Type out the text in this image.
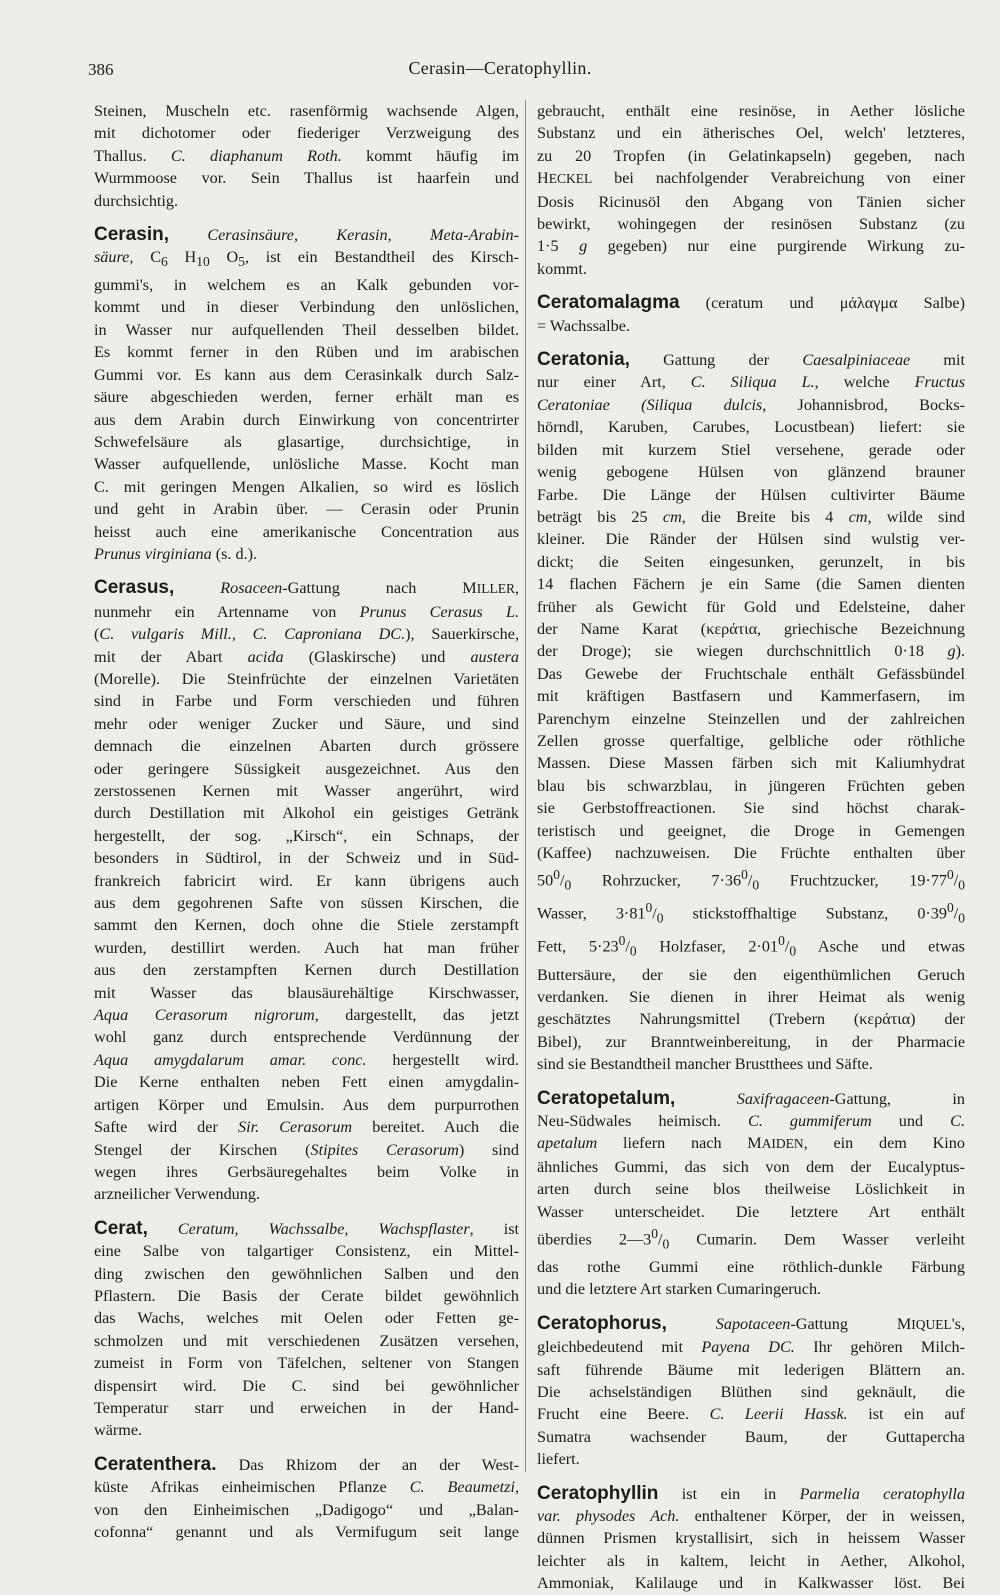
386	Cerasin—Ceratophyllin.
Steinen, Muscheln etc. rasenförmig wachsende Algen,
mit dichotomer oder fiederiger Verzweigung des
Thallus. C. diaphanum Roth. kommt häufig im
Wurmmoose vor. Sein Thallus ist haarfein und
durchsichtig.
Cerasin, Cerasinsäure, Kerasin, Meta-Arabin-
säure, $C_6$ $H_{10}$ $O_5$, ist ein Bestandtheil des Kirsch-
gummi's, in welchem es an Kalk gebunden vor-
kommt und in dieser Verbindung den unlöslichen,
in Wasser nur aufquellenden Theil desselben bildet.
Es kommt ferner in den Rüben und im arabischen
Gummi vor. Es kann aus dem Cerasinkalk durch Salz-
säure abgeschieden werden, ferner erhält man es
aus dem Arabin durch Einwirkung von concentrirter
Schwefelsäure als glasartige, durchsichtige, in
Wasser aufquellende, unlösliche Masse. Kocht man
C. mit geringen Mengen Alkalien, so wird es löslich
und geht in Arabin über. — Cerasin oder Prunin
heisst auch eine amerikanische Concentration aus
Prunus virginiana (s. d.).
Cerasus,	Rosaceen-Gattung nach MILLER,
nunmehr ein Artenname von Prunus Cerasus L.
(C. vulgaris Mill., C. Caproniana DC.), Sauerkirsche,
mit der Abart acida (Glaskirsche) und austera
(Morelle). Die Steinfrüchte der einzelnen Varietäten
sind in Farbe und Form verschieden und führen
mehr oder weniger Zucker und Säure, und sind
demnach die einzelnen Abarten durch grössere
oder geringere Süssigkeit ausgezeichnet. Aus den
zerstossenen Kernen mit Wasser angerührt, wird
durch Destillation mit Alkohol ein geistiges Getränk
hergestellt, der sog. „Kirsch“, ein Schnaps, der
besonders in Südtirol, in der Schweiz und in Süd-
frankreich fabricirt wird. Er kann übrigens auch
aus dem gegohrenen Safte von süssen Kirschen, die
sammt den Kernen, doch ohne die Stiele zerstampft
wurden, destillirt werden. Auch hat man früher
aus den zerstampften Kernen durch Destillation
mit Wasser das blausäurehältige Kirschwasser,
Aqua Cerasorum nigrorum, dargestellt, das jetzt
wohl ganz durch entsprechende Verdünnung der
Aqua amygdalarum amar. conc. hergestellt wird.
Die Kerne enthalten neben Fett einen amygdalin-
artigen Körper und Emulsin. Aus dem purpurrothen
Safte wird der Sir. Cerasorum bereitet. Auch die
Stengel der Kirschen (Stipites Cerasorum) sind
wegen ihres Gerbsäuregehaltes beim Volke in
arzneilicher Verwendung.
Cerat, Ceratum, Wachssalbe, Wachspflaster, ist
eine Salbe von talgartiger Consistenz, ein Mittel-
ding zwischen den gewöhnlichen Salben und den
Pflastern. Die Basis der Cerate bildet gewöhnlich
das Wachs, welches mit Oelen oder Fetten ge-
schmolzen und mit verschiedenen Zusätzen versehen,
zumeist in Form von Täfelchen, seltener von Stangen
dispensirt wird. Die C. sind bei gewöhnlicher
Temperatur starr und erweichen in der Hand-
wärme.
Ceratenthera. Das Rhizom der an der West-
küste Afrikas einheimischen Pflanze C. Beaumetzi,
von den Einheimischen „Dadigogo“ und „Balan-
cofonna“ genannt und als Vermifugum seit lange
gebraucht, enthält eine resinöse, in Aether lösliche
Substanz und ein ätherisches Oel, welch' letzteres,
zu 20 Tropfen (in Gelatinkapseln) gegeben, nach
HECKEL bei nachfolgender Verabreichung von einer
Dosis Ricinusöl den Abgang von Tänien sicher
bewirkt, wohingegen der resinösen Substanz (zu
1·5 g gegeben) nur eine purgirende Wirkung zu-
kommt.
Ceratomalagma (ceratum und μάλαγμα Salbe)
= Wachssalbe.
Ceratonia, Gattung der Caesalpiniaceae mit
nur einer Art, C. Siliqua L., welche Fructus
Ceratoniae (Siliqua dulcis, Johannisbrod, Bocks-
hörndl, Karuben, Carubes, Locustbean) liefert: sie
bilden mit kurzem Stiel versehene, gerade oder
wenig gebogene Hülsen von glänzend brauner
Farbe. Die Länge der Hülsen cultivirter Bäume
beträgt bis 25 cm, die Breite bis 4 cm, wilde sind
kleiner. Die Ränder der Hülsen sind wulstig ver-
dickt; die Seiten eingesunken, gerunzelt, in bis
14 flachen Fächern je ein Same (die Samen dienten
früher als Gewicht für Gold und Edelsteine, daher
der Name Karat (κεράτια, griechische Bezeichnung
der Droge); sie wiegen durchschnittlich 0·18 g).
Das Gewebe der Fruchtschale enthält Gefässbündel
mit kräftigen Bastfasern und Kammerfasern, im
Parenchym einzelne Steinzellen und der zahlreichen
Zellen grosse querfaltige, gelbliche oder röthliche
Massen. Diese Massen färben sich mit Kaliumhydrat
blau bis schwarzblau, in jüngeren Früchten geben
sie Gerbstoffreactionen. Sie sind höchst charak-
teristisch und geeignet, die Droge in Gemengen
(Kaffee) nachzuweisen. Die Früchte enthalten über
$50^0/_0$ Rohrzucker, $7\cdot 36^0/_0$ Fruchtzucker, $19\cdot 77^0/_0$
Wasser, $3\cdot 81^0/_0$ stickstoffhaltige Substanz, $0\cdot 39^0/_0$
Fett, $5\cdot 23^0/_0$ Holzfaser, $2\cdot 01^0/_0$ Asche und etwas
Buttersäure, der sie den eigenthümlichen Geruch
verdanken. Sie dienen in ihrer Heimat als wenig
geschätztes Nahrungsmittel (Trebern (κεράτια) der
Bibel), zur Branntweinbereitung, in der Pharmacie
sind sie Bestandtheil mancher Brustthees und Säfte.
Ceratopetalum,	Saxifragaceen-Gattung, in
Neu-Südwales heimisch. C. gummiferum und C.
apetalum liefern nach MAIDEN, ein dem Kino
ähnliches Gummi, das sich von dem der Eucalyptus-
arten durch seine blos theilweise Löslichkeit in
Wasser unterscheidet. Die letztere Art enthält
überdies $2—3^0/_0$ Cumarin. Dem Wasser verleiht
das rothe Gummi eine röthlich-dunkle Färbung
und die letztere Art starken Cumaringeruch.
Ceratophorus,	Sapotaceen-Gattung MIQUEL's,
gleichbedeutend mit Payena DC. Ihr gehören Milch-
saft führende Bäume mit lederigen Blättern an.
Die achselständigen Blüthen sind geknäult, die
Frucht eine Beere. C. Leerii Hassk. ist ein auf
Sumatra wachsender Baum, der Guttapercha
liefert.
Ceratophyllin ist ein in Parmelia ceratophylla
var. physodes Ach. enthaltener Körper, der in weissen,
dünnen Prismen krystallisirt, sich in heissem Wasser
leichter als in kaltem, leicht in Aether, Alkohol,
Ammoniak, Kalilauge und in Kalkwasser löst. Bei
